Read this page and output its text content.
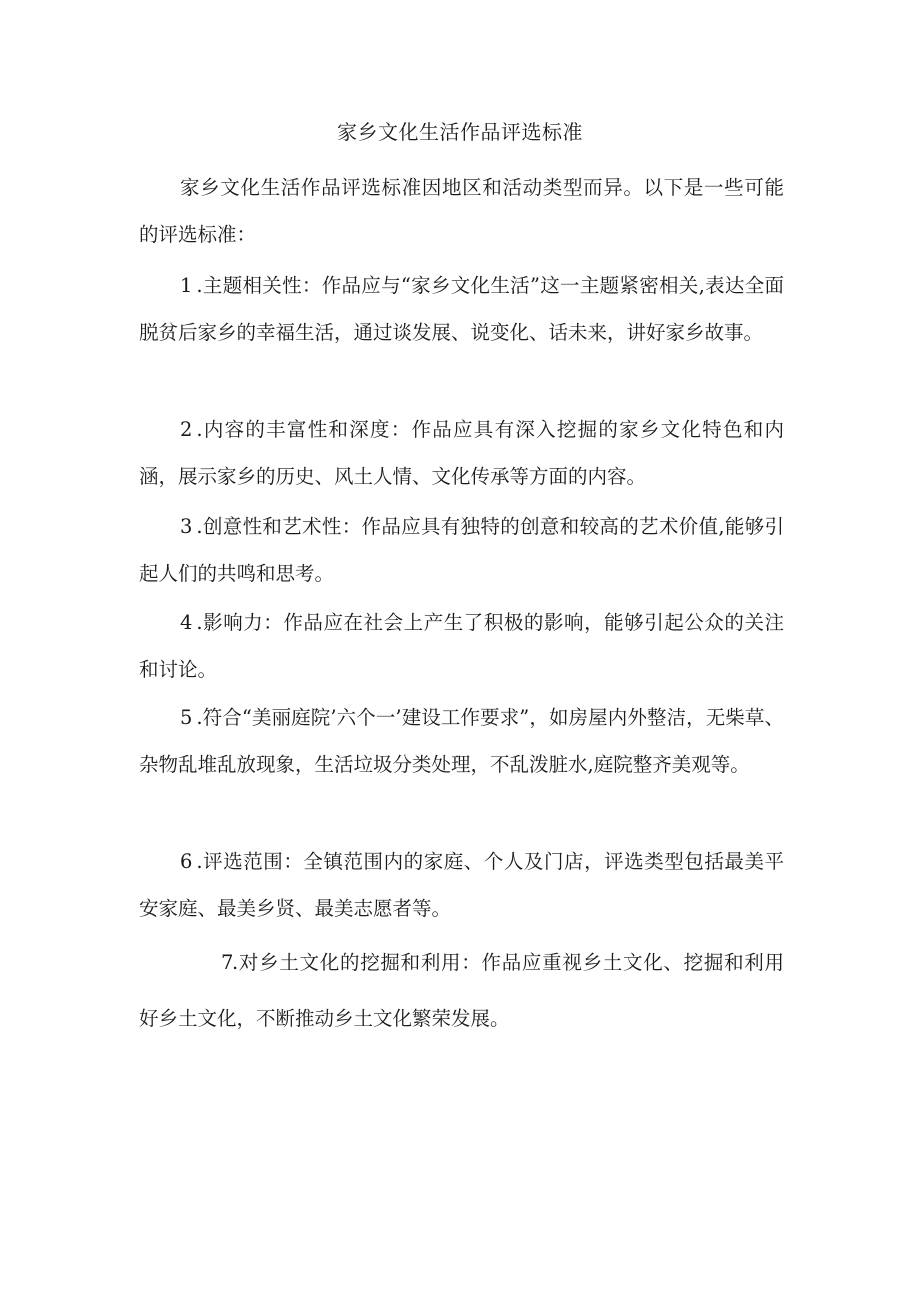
家乡文化生活作品评选标准
家乡文化生活作品评选标准因地区和活动类型而异。以下是一些可能的评选标准：
1 .主题相关性：作品应与“家乡文化生活”这一主题紧密相关,表达全面脱贫后家乡的幸福生活，通过谈发展、说变化、话未来，讲好家乡故事。
2 .内容的丰富性和深度：作品应具有深入挖掘的家乡文化特色和内涵，展示家乡的历史、风土人情、文化传承等方面的内容。
3 .创意性和艺术性：作品应具有独特的创意和较高的艺术价值,能够引起人们的共鸣和思考。
4 .影响力：作品应在社会上产生了积极的影响，能够引起公众的关注和讨论。
5 .符合“美丽庭院’六个一’建设工作要求”，如房屋内外整洁，无柴草、杂物乱堆乱放现象，生活垃圾分类处理，不乱泼脏水,庭院整齐美观等。
6 .评选范围：全镇范围内的家庭、个人及门店，评选类型包括最美平安家庭、最美乡贤、最美志愿者等。
7.对乡土文化的挖掘和利用：作品应重视乡土文化、挖掘和利用好乡土文化，不断推动乡土文化繁荣发展。
